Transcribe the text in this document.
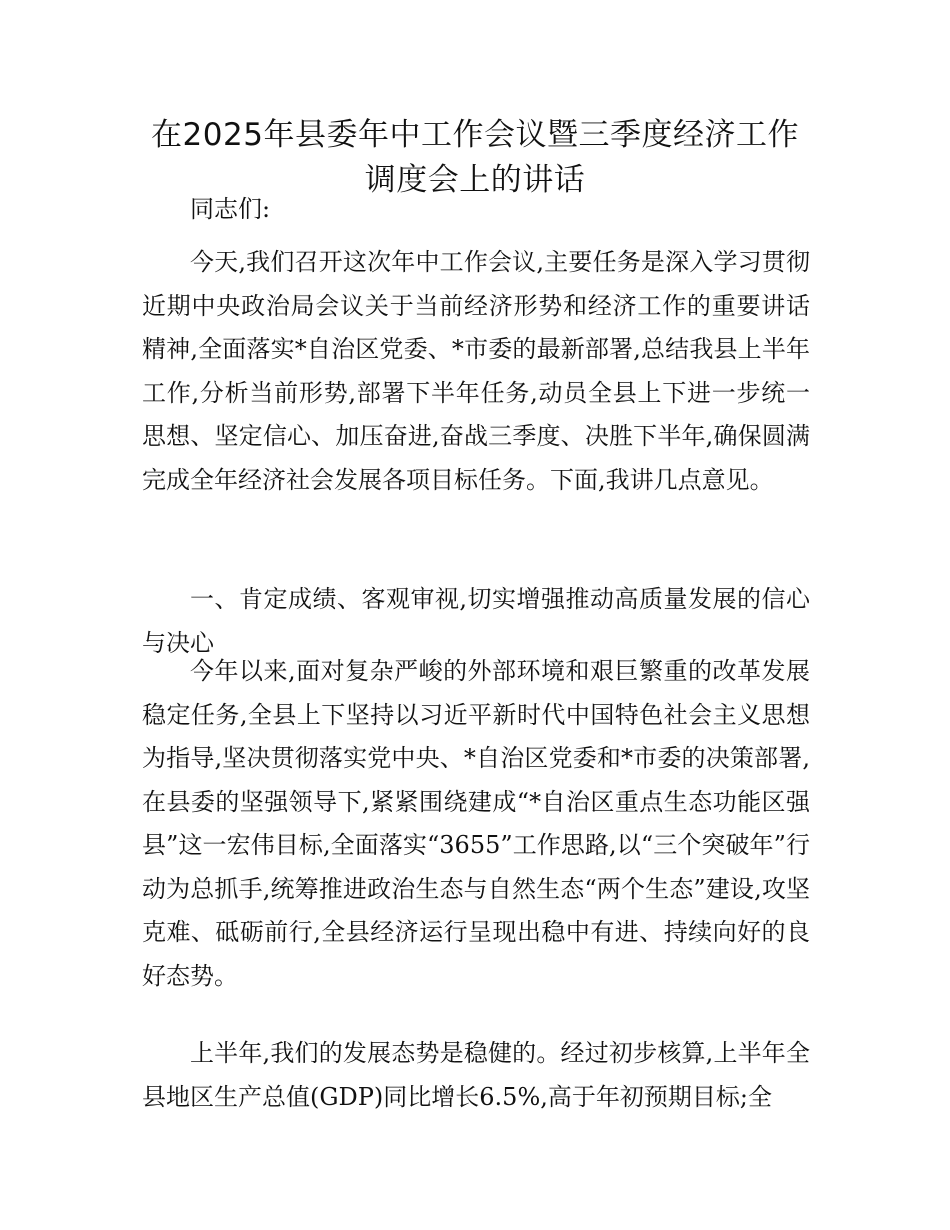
在2025年县委年中工作会议暨三季度经济工作
调度会上的讲话

同志们:

今天,我们召开这次年中工作会议,主要任务是深入学习贯彻近期中央政治局会议关于当前经济形势和经济工作的重要讲话精神,全面落实*自治区党委、*市委的最新部署,总结我县上半年工作,分析当前形势,部署下半年任务,动员全县上下进一步统一思想、坚定信心、加压奋进,奋战三季度、决胜下半年,确保圆满完成全年经济社会发展各项目标任务。下面,我讲几点意见。

一、肯定成绩、客观审视,切实增强推动高质量发展的信心与决心

今年以来,面对复杂严峻的外部环境和艰巨繁重的改革发展稳定任务,全县上下坚持以习近平新时代中国特色社会主义思想为指导,坚决贯彻落实党中央、*自治区党委和*市委的决策部署,在县委的坚强领导下,紧紧围绕建成“*自治区重点生态功能区强县”这一宏伟目标,全面落实“3655”工作思路,以“三个突破年”行动为总抓手,统筹推进政治生态与自然生态“两个生态”建设,攻坚克难、砥砺前行,全县经济运行呈现出稳中有进、持续向好的良好态势。

上半年,我们的发展态势是稳健的。经过初步核算,上半年全县地区生产总值(GDP)同比增长6.5%,高于年初预期目标;全
